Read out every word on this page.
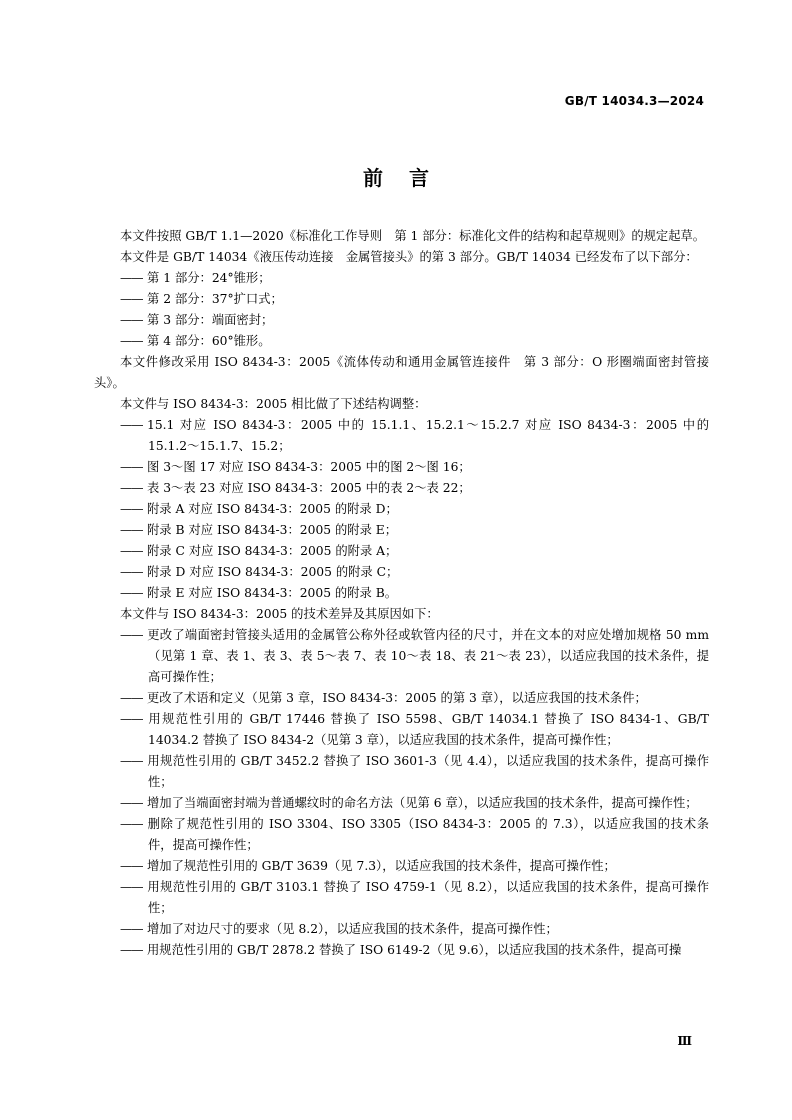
GB/T 14034.3—2024
前言

本文件按照 GB/T 1.1—2020《标准化工作导则　第 1 部分：标准化文件的结构和起草规则》的规定起草。

本文件是 GB/T 14034《液压传动连接　金属管接头》的第 3 部分。GB/T 14034 已经发布了以下部分：

—— 第 1 部分：24°锥形；

—— 第 2 部分：37°扩口式；

—— 第 3 部分：端面密封；

—— 第 4 部分：60°锥形。

本文件修改采用 ISO 8434-3：2005《流体传动和通用金属管连接件　第 3 部分：O 形圈端面密封管接头》。

本文件与 ISO 8434-3：2005 相比做了下述结构调整：

—— 15.1 对应 ISO 8434-3：2005 中的 15.1.1、15.2.1～15.2.7 对应 ISO 8434-3：2005 中的15.1.2～15.1.7、15.2；

—— 图 3～图 17 对应 ISO 8434-3：2005 中的图 2～图 16；

—— 表 3～表 23 对应 ISO 8434-3：2005 中的表 2～表 22；

—— 附录 A 对应 ISO 8434-3：2005 的附录 D；

—— 附录 B 对应 ISO 8434-3：2005 的附录 E；

—— 附录 C 对应 ISO 8434-3：2005 的附录 A；

—— 附录 D 对应 ISO 8434-3：2005 的附录 C；

—— 附录 E 对应 ISO 8434-3：2005 的附录 B。

本文件与 ISO 8434-3：2005 的技术差异及其原因如下：

—— 更改了端面密封管接头适用的金属管公称外径或软管内径的尺寸，并在文本的对应处增加规格 50 mm（见第 1 章、表 1、表 3、表 5～表 7、表 10～表 18、表 21～表 23），以适应我国的技术条件，提高可操作性；

—— 更改了术语和定义（见第 3 章，ISO 8434-3：2005 的第 3 章），以适应我国的技术条件；

—— 用规范性引用的 GB/T 17446 替换了 ISO 5598、GB/T 14034.1 替换了 ISO 8434-1、GB/T 14034.2 替换了 ISO 8434-2（见第 3 章），以适应我国的技术条件，提高可操作性；

—— 用规范性引用的 GB/T 3452.2 替换了 ISO 3601-3（见 4.4），以适应我国的技术条件，提高可操作性；

—— 增加了当端面密封端为普通螺纹时的命名方法（见第 6 章），以适应我国的技术条件，提高可操作性；

—— 删除了规范性引用的 ISO 3304、ISO 3305（ISO 8434-3：2005 的 7.3），以适应我国的技术条件，提高可操作性；

—— 增加了规范性引用的 GB/T 3639（见 7.3），以适应我国的技术条件，提高可操作性；

—— 用规范性引用的 GB/T 3103.1 替换了 ISO 4759-1（见 8.2），以适应我国的技术条件，提高可操作性；

—— 增加了对边尺寸的要求（见 8.2），以适应我国的技术条件，提高可操作性；

—— 用规范性引用的 GB/T 2878.2 替换了 ISO 6149-2（见 9.6），以适应我国的技术条件，提高可操

Ⅲ
